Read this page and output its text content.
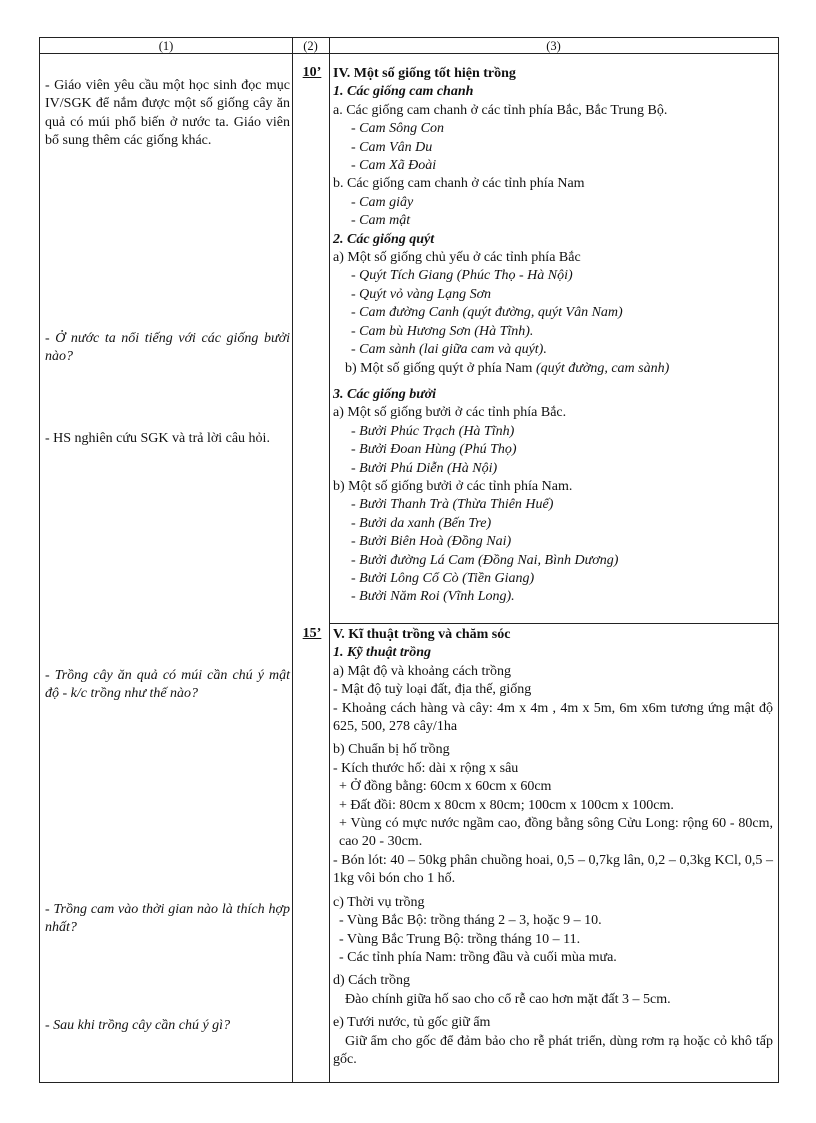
(1)	(2)	(3)
10’
15’
- Giáo viên yêu cầu một học sinh đọc mục IV/SGK để nắm được một số giống cây ăn quả có múi phổ biến ở nước ta. Giáo viên bổ sung thêm các giống khác.
- Ở nước ta nổi tiếng với các giống bưởi nào?
- HS nghiên cứu SGK và trả lời câu hỏi.
- Trồng cây ăn quả có múi cần chú ý mật độ - k/c trồng như thế nào?
- Trồng cam vào thời gian nào là thích hợp nhất?
- Sau khi trồng cây cần chú ý gì?
IV. Một số giống tốt hiện trồng
1. Các giống cam chanh
a. Các giống cam chanh ở các tỉnh phía Bắc, Bắc Trung Bộ.
- Cam Sông Con
- Cam Vân Du
- Cam Xã Đoài
b. Các giống cam chanh ở các tỉnh phía Nam
- Cam giây
- Cam mật
2. Các giống quýt
a) Một số giống chủ yếu ở các tỉnh phía Bắc
- Quýt Tích Giang (Phúc Thọ - Hà Nội)
- Quýt vỏ vàng Lạng Sơn
- Cam đường Canh (quýt đường, quýt Vân Nam)
- Cam bù Hương Sơn (Hà Tĩnh).
- Cam sành (lai giữa cam và quýt).
b) Một số giống quýt ở phía Nam (quýt đường, cam sành)
3. Các giống bưởi
a) Một số giống bưởi ở các tỉnh phía Bắc.
- Bưởi Phúc Trạch (Hà Tĩnh)
- Bưởi Đoan Hùng (Phú Thọ)
- Bưởi Phú Diễn (Hà Nội)
b) Một số giống bưởi ở các tỉnh phía Nam.
- Bưởi Thanh Trà (Thừa Thiên Huế)
- Bưởi da xanh (Bến Tre)
- Bưởi Biên Hoà (Đồng Nai)
- Bưởi đường Lá Cam (Đồng Nai, Bình Dương)
- Bưởi Lông Cổ Cò (Tiền Giang)
- Bưởi Năm Roi (Vĩnh Long).
V. Kĩ thuật trồng và chăm sóc
1. Kỹ thuật trồng
a) Mật độ và khoảng cách trồng
- Mật độ tuỳ loại đất, địa thế, giống
- Khoảng cách hàng và cây: 4m x 4m , 4m x 5m, 6m x6m tương ứng mật độ 625, 500, 278 cây/1ha
b) Chuẩn bị hố trồng
- Kích thước hố: dài x rộng x sâu
+ Ở đồng bằng: 60cm x 60cm x 60cm
+ Đất đồi: 80cm x 80cm x 80cm; 100cm x 100cm x 100cm.
+ Vùng có mực nước ngầm cao, đồng bằng sông Cửu Long: rộng 60 - 80cm, cao 20 - 30cm.
- Bón lót: 40 – 50kg phân chuồng hoai, 0,5 – 0,7kg lân, 0,2 – 0,3kg KCl, 0,5 – 1kg vôi bón cho 1 hố.
c) Thời vụ trồng
- Vùng Bắc Bộ: trồng tháng 2 – 3, hoặc 9 – 10.
- Vùng Bắc Trung Bộ: trồng tháng 10 – 11.
- Các tỉnh phía Nam: trồng đầu và cuối mùa mưa.
d) Cách trồng
Đào chính giữa hố sao cho cổ rễ cao hơn mặt đất 3 – 5cm.
e) Tưới nước, tủ gốc giữ ẩm
Giữ ẩm cho gốc để đảm bảo cho rễ phát triển, dùng rơm rạ hoặc cỏ khô tấp gốc.
